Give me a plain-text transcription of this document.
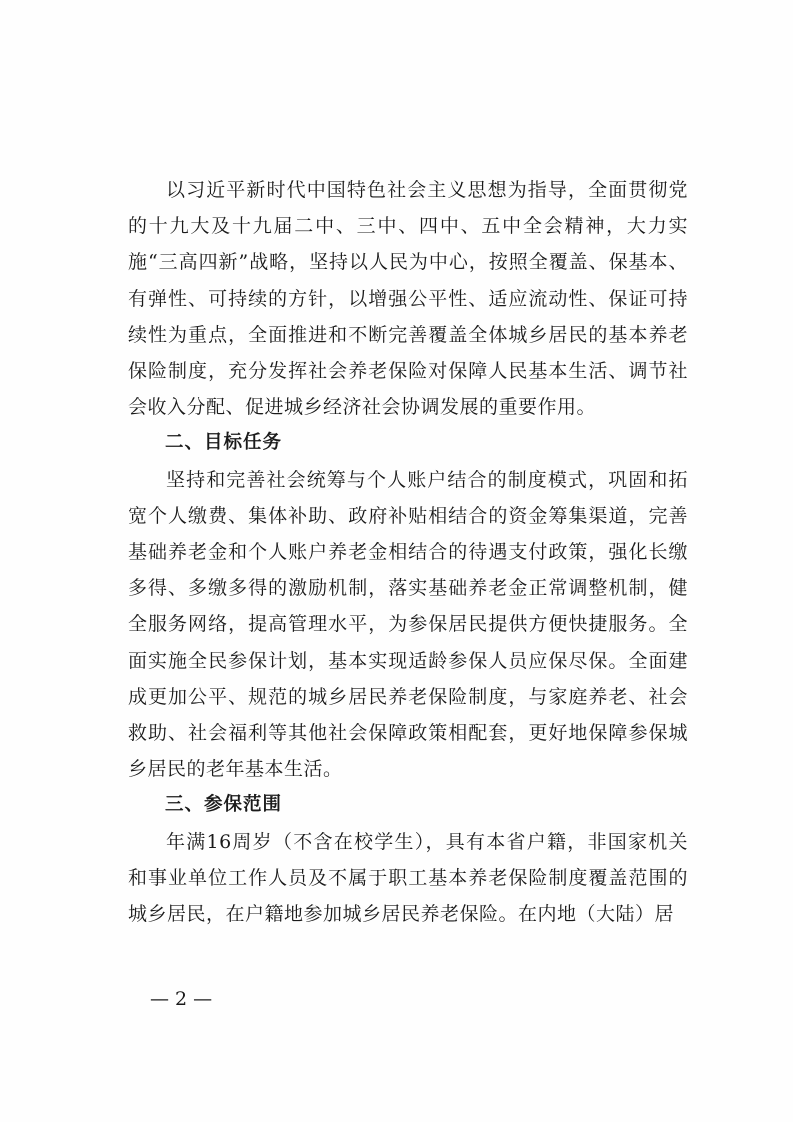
以习近平新时代中国特色社会主义思想为指导，全面贯彻党的十九大及十九届二中、三中、四中、五中全会精神，大力实施“三高四新”战略，坚持以人民为中心，按照全覆盖、保基本、有弹性、可持续的方针，以增强公平性、适应流动性、保证可持续性为重点，全面推进和不断完善覆盖全体城乡居民的基本养老保险制度，充分发挥社会养老保险对保障人民基本生活、调节社会收入分配、促进城乡经济社会协调发展的重要作用。

二、目标任务

坚持和完善社会统筹与个人账户结合的制度模式，巩固和拓宽个人缴费、集体补助、政府补贴相结合的资金筹集渠道，完善基础养老金和个人账户养老金相结合的待遇支付政策，强化长缴多得、多缴多得的激励机制，落实基础养老金正常调整机制，健全服务网络，提高管理水平，为参保居民提供方便快捷服务。全面实施全民参保计划，基本实现适龄参保人员应保尽保。全面建成更加公平、规范的城乡居民养老保险制度，与家庭养老、社会救助、社会福利等其他社会保障政策相配套，更好地保障参保城乡居民的老年基本生活。

三、参保范围

年满16周岁（不含在校学生），具有本省户籍，非国家机关和事业单位工作人员及不属于职工基本养老保险制度覆盖范围的城乡居民，在户籍地参加城乡居民养老保险。在内地（大陆）居

— 2 —
